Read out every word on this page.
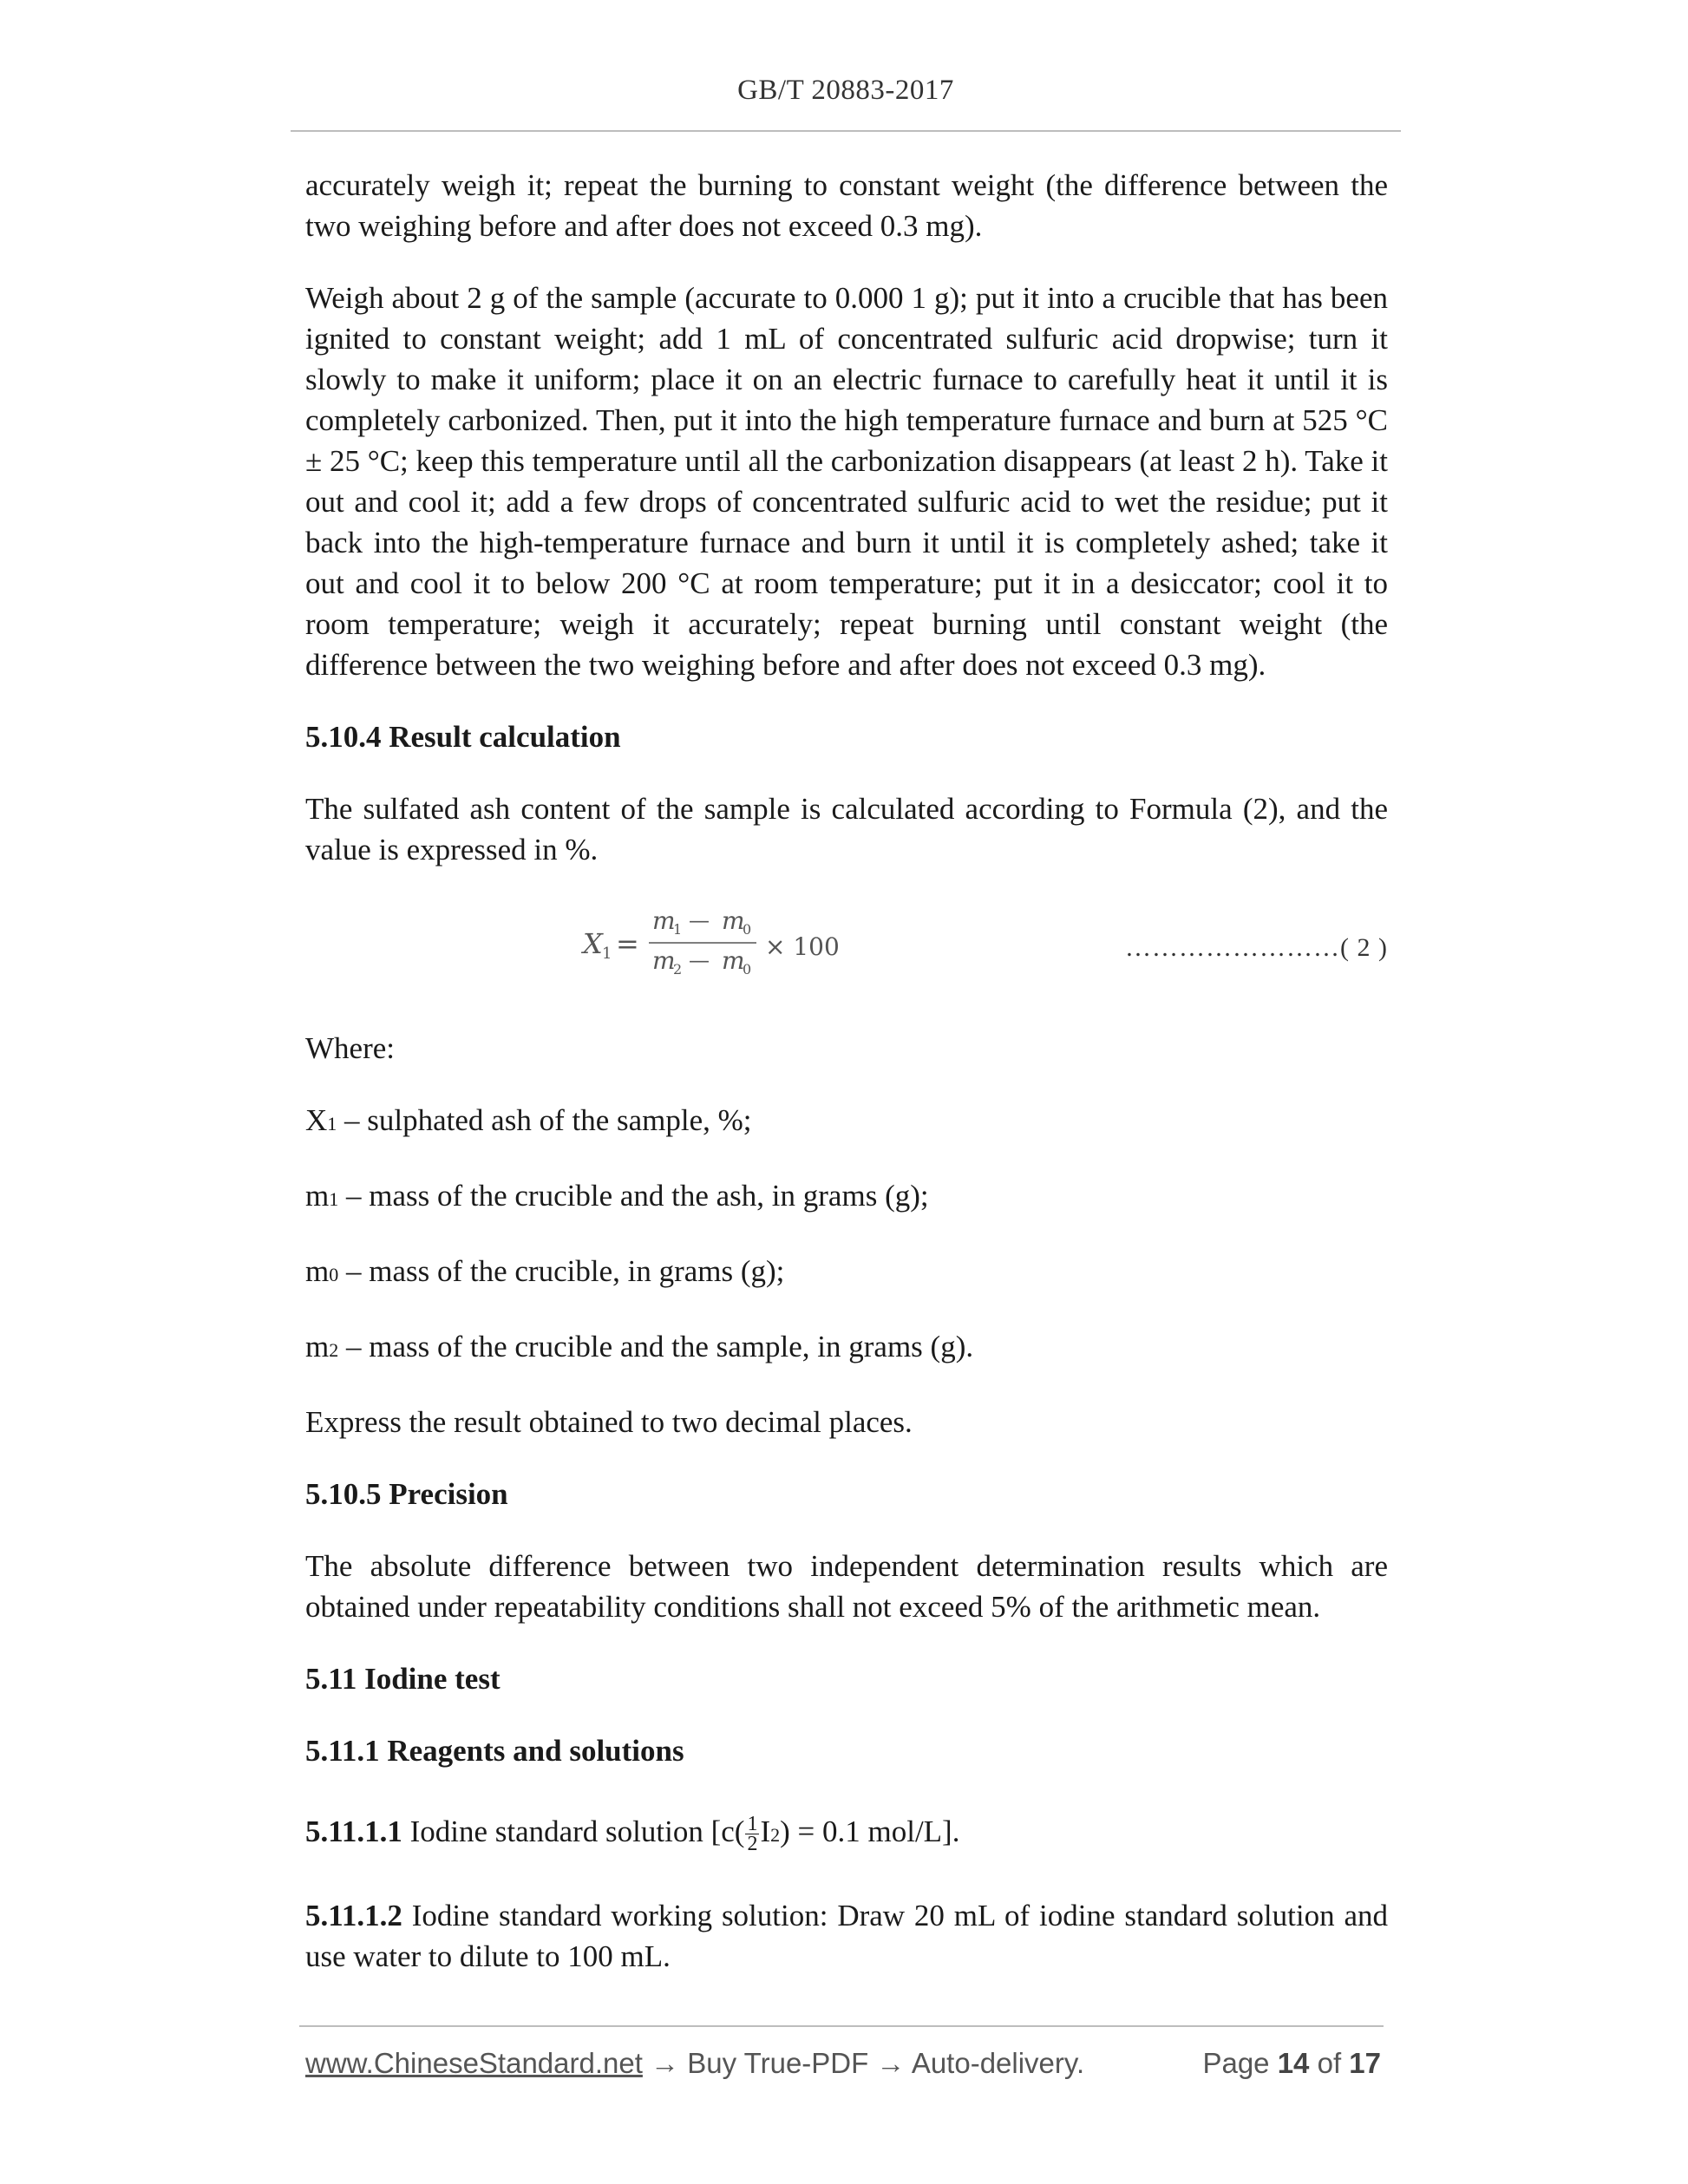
GB/T 20883-2017

accurately weigh it; repeat the burning to constant weight (the difference between the two weighing before and after does not exceed 0.3 mg).

Weigh about 2 g of the sample (accurate to 0.000 1 g); put it into a crucible that has been ignited to constant weight; add 1 mL of concentrated sulfuric acid dropwise; turn it slowly to make it uniform; place it on an electric furnace to carefully heat it until it is completely carbonized. Then, put it into the high temperature furnace and burn at 525 °C ± 25 °C; keep this temperature until all the carbonization disappears (at least 2 h). Take it out and cool it; add a few drops of concentrated sulfuric acid to wet the residue; put it back into the high-temperature furnace and burn it until it is completely ashed; take it out and cool it to below 200 °C at room temperature; put it in a desiccator; cool it to room temperature; weigh it accurately; repeat burning until constant weight (the difference between the two weighing before and after does not exceed 0.3 mg).

5.10.4 Result calculation

The sulfated ash content of the sample is calculated according to Formula (2), and the value is expressed in %.

X 1 =
m
1 — m
0
m
2 — m
0
× 100	……………………( 2 )

Where:

X1 – sulphated ash of the sample, %;

m1 – mass of the crucible and the ash, in grams (g);

m0 – mass of the crucible, in grams (g);

m2 – mass of the crucible and the sample, in grams (g).

Express the result obtained to two decimal places.

5.10.5 Precision

The absolute difference between two independent determination results which are obtained under repeatability conditions shall not exceed 5% of the arithmetic mean.

5.11 Iodine test
5.11.1 Reagents and solutions

5.11.1.1 Iodine standard solution [$c( \frac{1}{2} I2) = 0.1$ mol/L].

5.11.1.2 Iodine standard working solution: Draw 20 mL of iodine standard solution and use water to dilute to 100 mL.

www.ChineseStandard.net → Buy True-PDF → Auto-delivery.	Page 14 of 17
